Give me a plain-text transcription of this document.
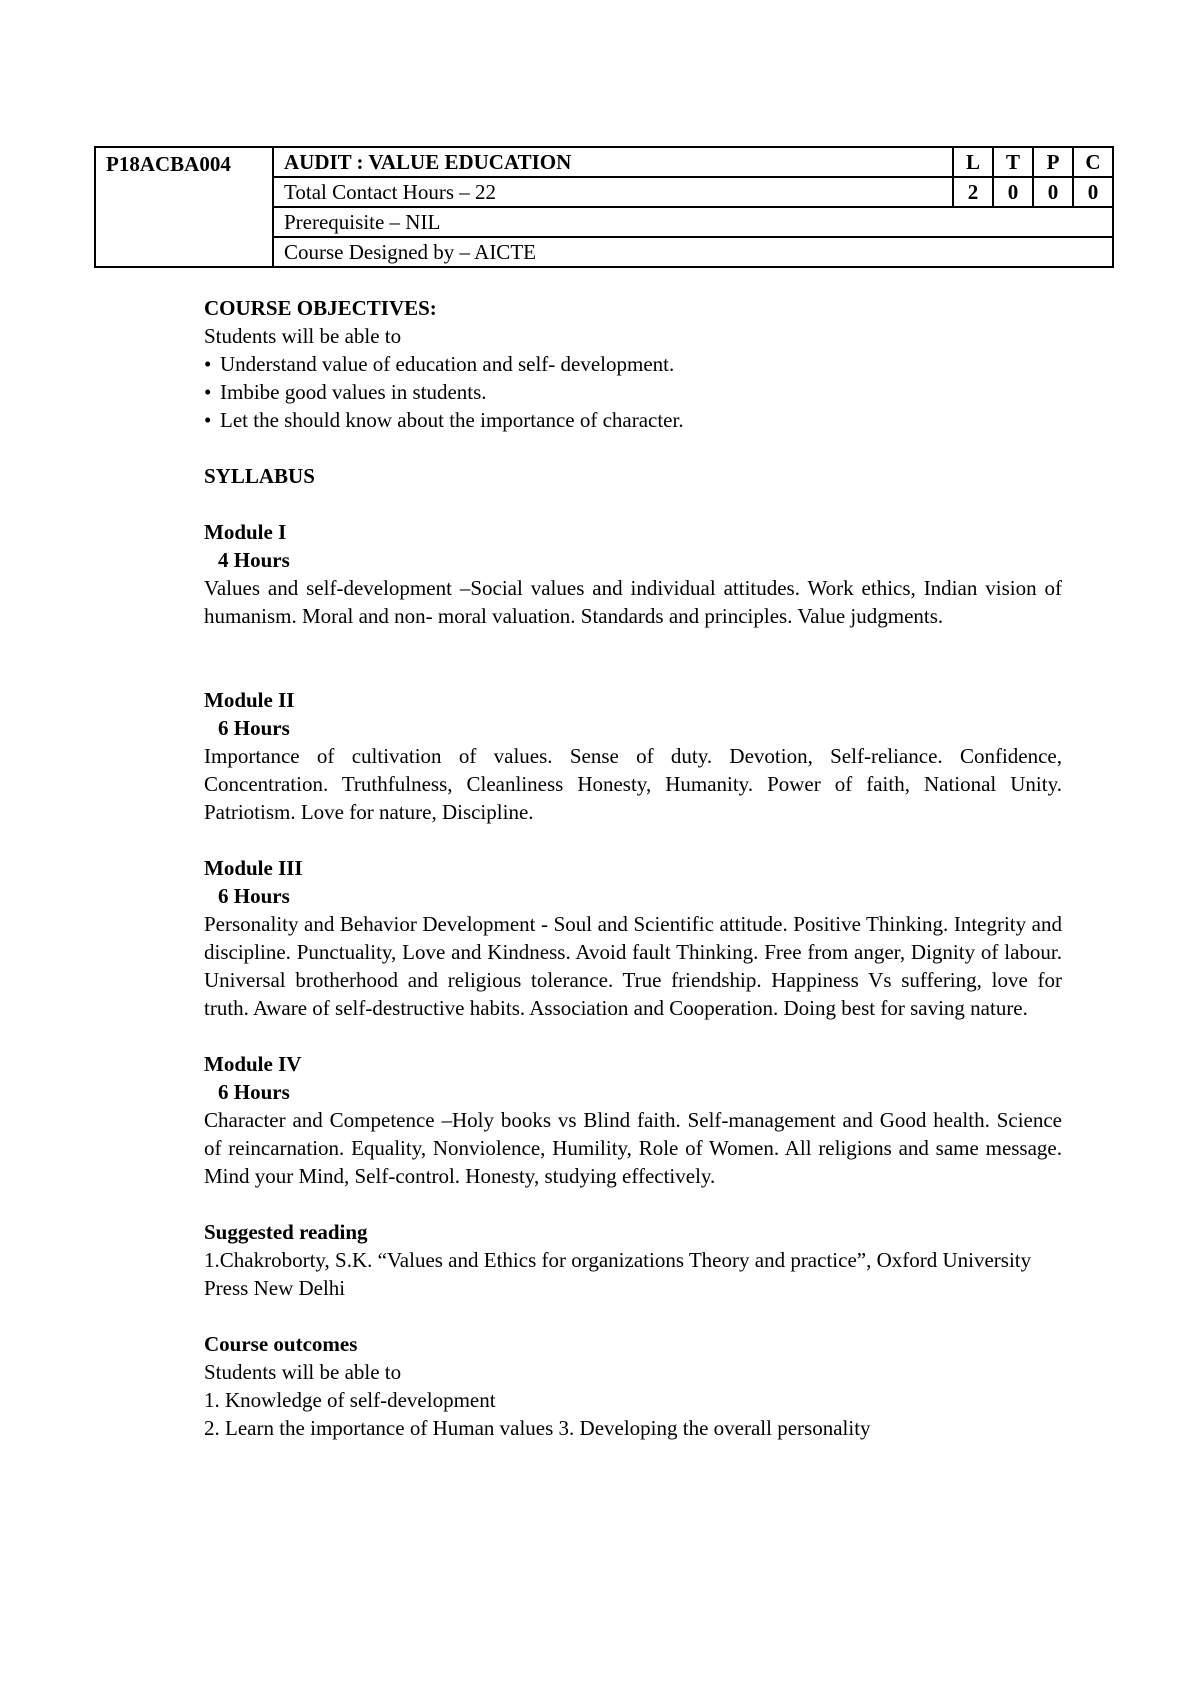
P18ACBA004	AUDIT : VALUE EDUCATION	L	T	P	C
	Total Contact Hours – 22	2	0	0	0
	Prerequisite – NIL				
	Course Designed by – AICTE				

COURSE OBJECTIVES:

Students will be able to

• Understand value of education and self- development.

• Imbibe good values in students.

• Let the should know about the importance of character.

SYLLABUS

Module I

4 Hours

Values and self-development –Social values and individual attitudes. Work ethics, Indian vision of humanism. Moral and non- moral valuation. Standards and principles. Value judgments.

Module II

6 Hours

Importance of cultivation of values. Sense of duty. Devotion, Self-reliance. Confidence, Concentration. Truthfulness, Cleanliness Honesty, Humanity. Power of faith, National Unity. Patriotism. Love for nature, Discipline.

Module III

6 Hours

Personality and Behavior Development - Soul and Scientific attitude. Positive Thinking. Integrity and discipline. Punctuality, Love and Kindness. Avoid fault Thinking. Free from anger, Dignity of labour. Universal brotherhood and religious tolerance. True friendship. Happiness Vs suffering, love for truth. Aware of self-destructive habits. Association and Cooperation. Doing best for saving nature.

Module IV

6 Hours

Character and Competence –Holy books vs Blind faith. Self-management and Good health. Science of reincarnation. Equality, Nonviolence, Humility, Role of Women. All religions and same message. Mind your Mind, Self-control. Honesty, studying effectively.

Suggested reading

1.Chakroborty, S.K. “Values and Ethics for organizations Theory and practice”, Oxford University Press New Delhi

Course outcomes

Students will be able to

1. Knowledge of self-development

2. Learn the importance of Human values 3. Developing the overall personality
